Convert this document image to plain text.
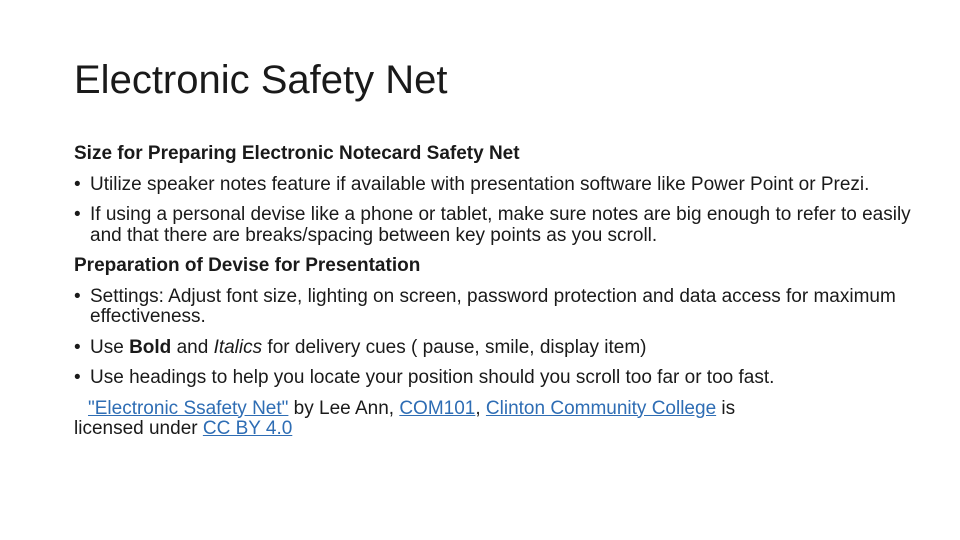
Electronic Safety Net
Size for Preparing Electronic Notecard Safety Net
• Utilize speaker notes feature if available with presentation software like Power Point or Prezi.
• If using a personal devise like a phone or tablet, make sure notes are big enough to refer to easily and that there are breaks/spacing between key points as you scroll.
Preparation of Devise for Presentation
• Settings: Adjust font size, lighting on screen, password protection and data access for maximum effectiveness.
• Use Bold and Italics for delivery cues ( pause, smile, display item)
• Use headings to help you locate your position should you scroll too far or too fast.
"Electronic Ssafety Net" by Lee Ann, COM101, Clinton Community College is
licensed under CC BY 4.0
